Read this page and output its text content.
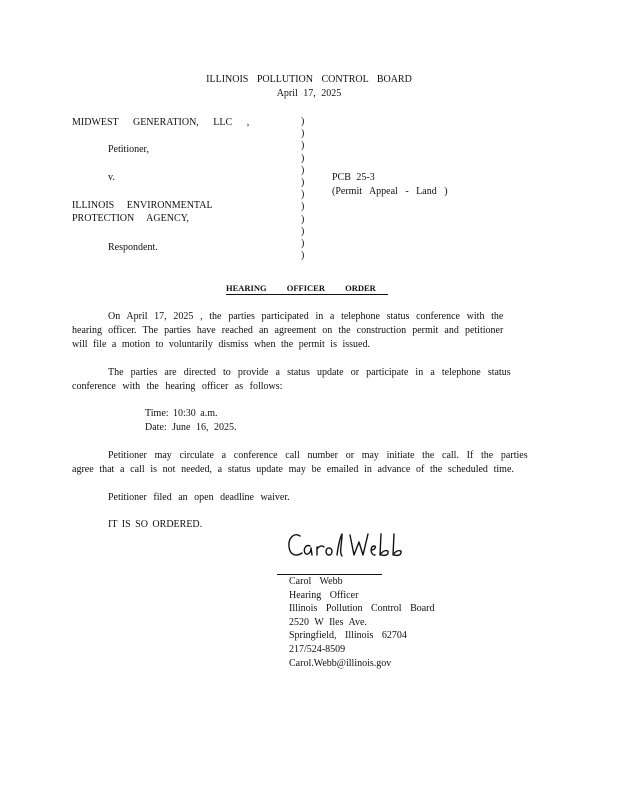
ILLINOIS POLLUTION CONTROL BOARD
April 17, 2025
MIDWEST GENERATION, LLC ,
Petitioner,
v.
ILLINOIS ENVIRONMENTAL
PROTECTION AGENCY,
Respondent.
)
)
)
)
)
)
)
)
)
)
)
)
PCB 25-3
(Permit Appeal - Land )
HEARING OFFICER ORDER
On April 17, 2025 , the parties participated in a telephone status conference with the
hearing officer. The parties have reached an agreement on the construction permit and petitioner
will file a motion to voluntarily dismiss when the permit is issued.
The parties are directed to provide a status update or participate in a telephone status
conference with the hearing officer as follows:
Time: 10:30 a.m.
Date: June 16, 2025.
Petitioner may circulate a conference call number or may initiate the call. If the parties
agree that a call is not needed, a status update may be emailed in advance of the scheduled time.
Petitioner filed an open deadline waiver.
IT IS SO ORDERED.
Carol Webb
Hearing Officer
Illinois Pollution Control Board
2520 W Iles Ave.
Springfield, Illinois 62704
217/524-8509
Carol.Webb@illinois.gov
